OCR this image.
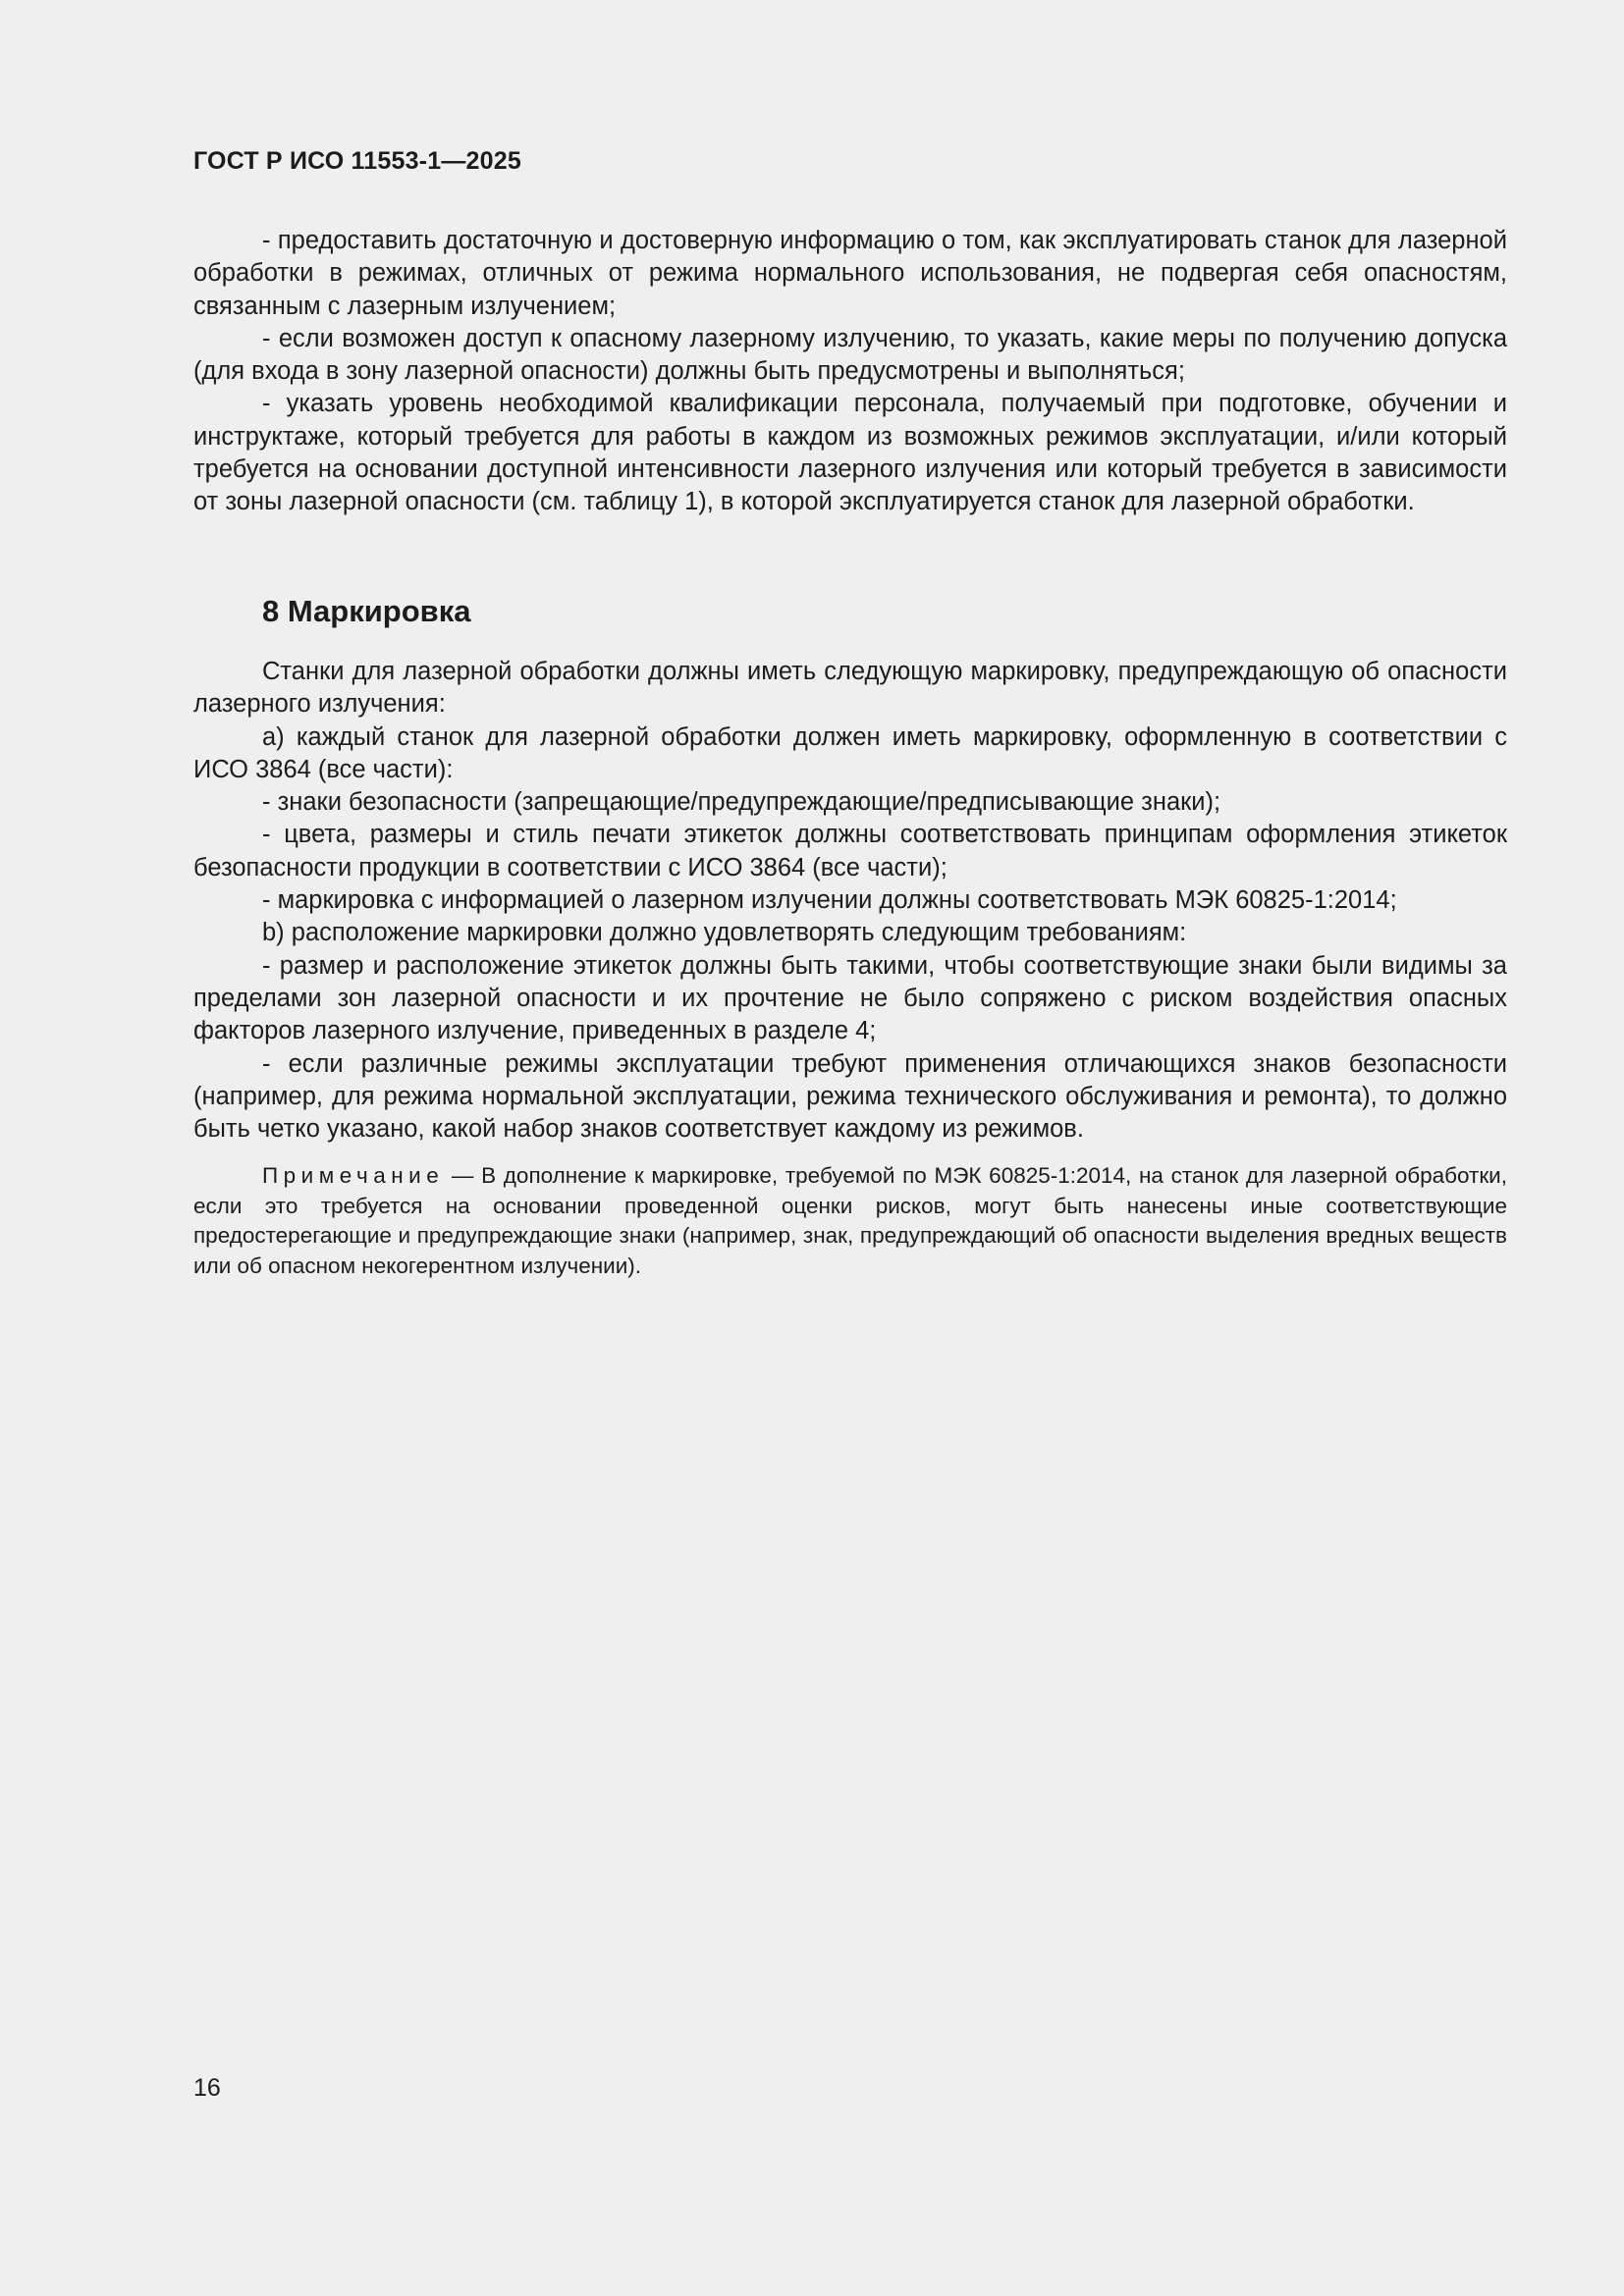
ГОСТ Р ИСО 11553-1—2025

- предоставить достаточную и достоверную информацию о том, как эксплуатировать станок для лазерной обработки в режимах, отличных от режима нормального использования, не подвергая себя опасностям, связанным с лазерным излучением;

- если возможен доступ к опасному лазерному излучению, то указать, какие меры по получению допуска (для входа в зону лазерной опасности) должны быть предусмотрены и выполняться;

- указать уровень необходимой квалификации персонала, получаемый при подготовке, обучении и инструктаже, который требуется для работы в каждом из возможных режимов эксплуатации, и/или который требуется на основании доступной интенсивности лазерного излучения или который требуется в зависимости от зоны лазерной опасности (см. таблицу 1), в которой эксплуатируется станок для лазерной обработки.

8 Маркировка

Станки для лазерной обработки должны иметь следующую маркировку, предупреждающую об опасности лазерного излучения:

а) каждый станок для лазерной обработки должен иметь маркировку, оформленную в соответствии с ИСО 3864 (все части):

- знаки безопасности (запрещающие/предупреждающие/предписывающие знаки);

- цвета, размеры и стиль печати этикеток должны соответствовать принципам оформления этикеток безопасности продукции в соответствии с ИСО 3864 (все части);

- маркировка с информацией о лазерном излучении должны соответствовать МЭК 60825-1:2014;

b) расположение маркировки должно удовлетворять следующим требованиям:

- размер и расположение этикеток должны быть такими, чтобы соответствующие знаки были видимы за пределами зон лазерной опасности и их прочтение не было сопряжено с риском воздействия опасных факторов лазерного излучение, приведенных в разделе 4;

- если различные режимы эксплуатации требуют применения отличающихся знаков безопасности (например, для режима нормальной эксплуатации, режима технического обслуживания и ремонта), то должно быть четко указано, какой набор знаков соответствует каждому из режимов.

Примечание — В дополнение к маркировке, требуемой по МЭК 60825-1:2014, на станок для лазерной обработки, если это требуется на основании проведенной оценки рисков, могут быть нанесены иные соответствующие предостерегающие и предупреждающие знаки (например, знак, предупреждающий об опасности выделения вредных веществ или об опасном некогерентном излучении).

16
